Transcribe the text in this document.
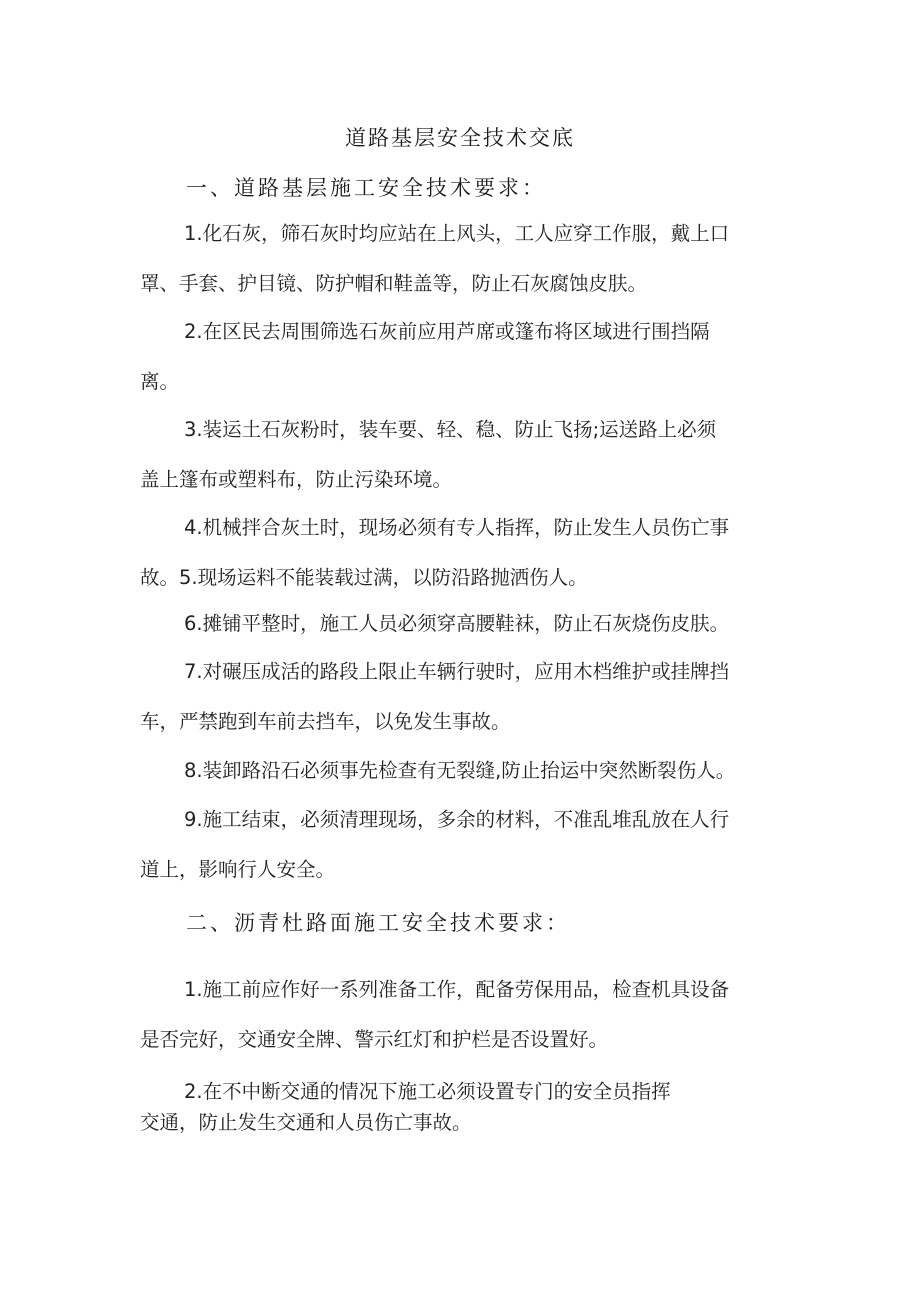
道路基层安全技术交底
一、道路基层施工安全技术要求：
1.化石灰，筛石灰时均应站在上风头，工人应穿工作服，戴上口
罩、手套、护目镜、防护帽和鞋盖等，防止石灰腐蚀皮肤。
2.在区民去周围筛选石灰前应用芦席或篷布将区域进行围挡隔
离。
3.装运土石灰粉时，装车要、轻、稳、防止飞扬;运送路上必须
盖上篷布或塑料布，防止污染环境。
4.机械拌合灰土时，现场必须有专人指挥，防止发生人员伤亡事
故。5.现场运料不能装载过满，以防沿路抛洒伤人。
6.摊铺平整时，施工人员必须穿高腰鞋袜，防止石灰烧伤皮肤。
7.对碾压成活的路段上限止车辆行驶时，应用木档维护或挂牌挡
车，严禁跑到车前去挡车，以免发生事故。
8.装卸路沿石必须事先检查有无裂缝,防止抬运中突然断裂伤人。
9.施工结束，必须清理现场，多余的材料，不准乱堆乱放在人行
道上，影响行人安全。
二、沥青杜路面施工安全技术要求：
1.施工前应作好一系列准备工作，配备劳保用品，检查机具设备
是否完好，交通安全牌、警示红灯和护栏是否设置好。
2.在不中断交通的情况下施工必须设置专门的安全员指挥
交通，防止发生交通和人员伤亡事故。
